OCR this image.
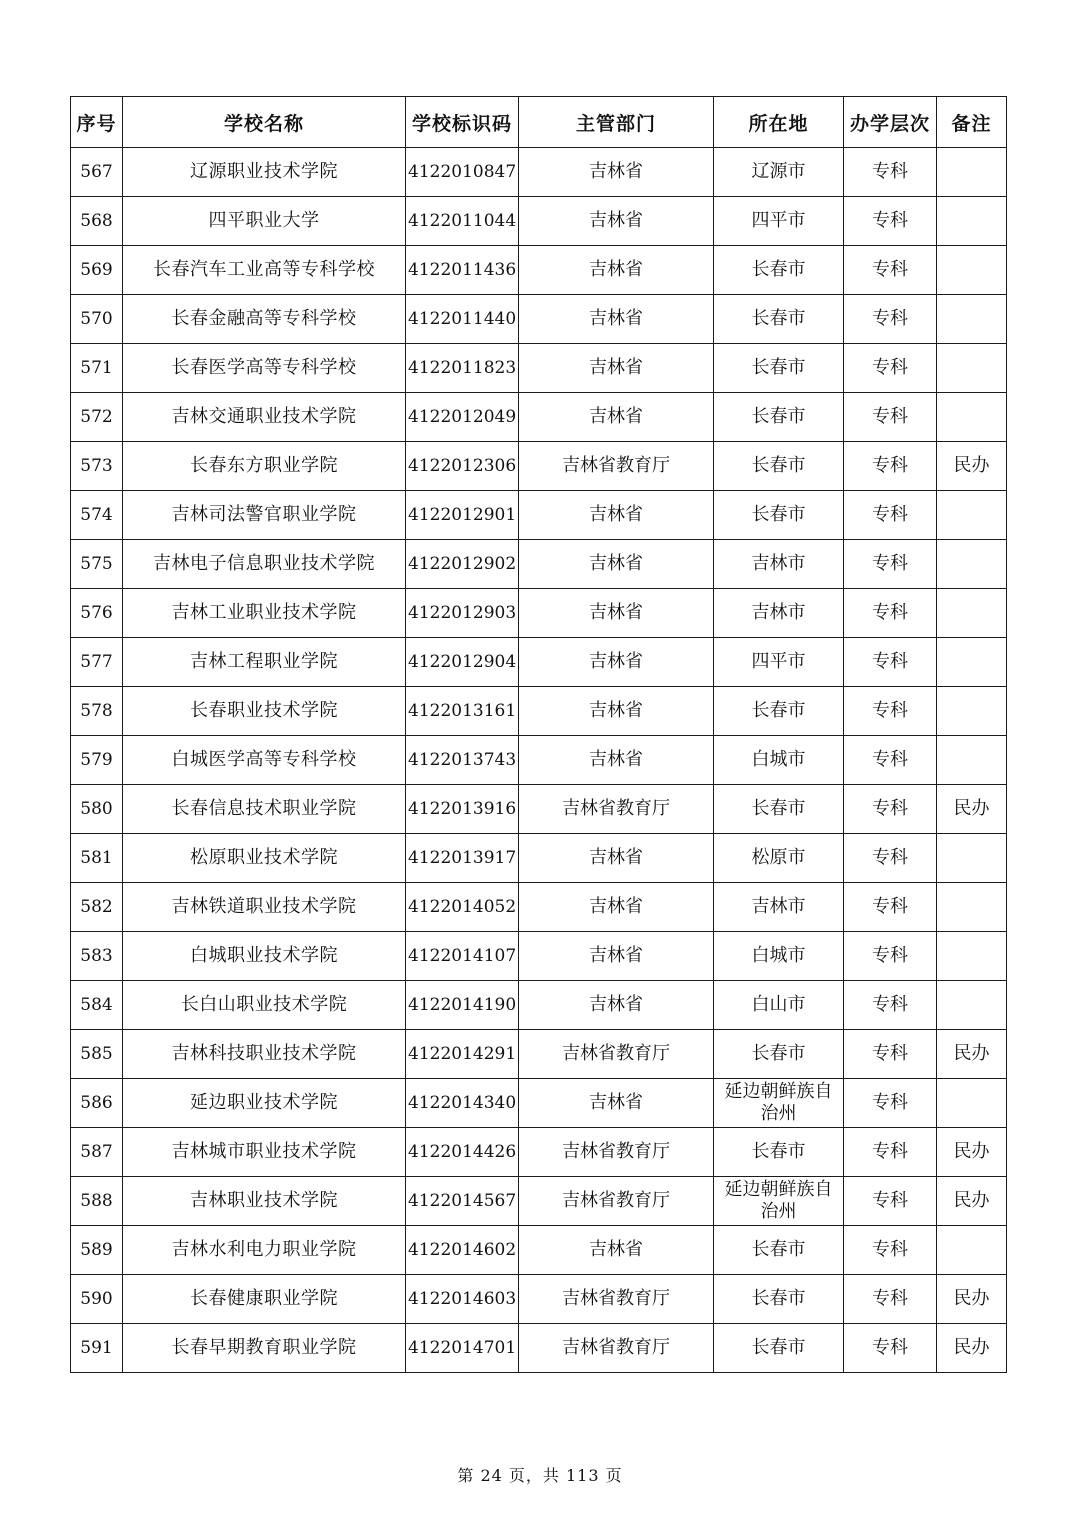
序号	学校名称	学校标识码	主管部门	所在地	办学层次	备注
567	辽源职业技术学院	4122010847	吉林省	辽源市	专科	
568	四平职业大学	4122011044	吉林省	四平市	专科	
569	长春汽车工业高等专科学校	4122011436	吉林省	长春市	专科	
570	长春金融高等专科学校	4122011440	吉林省	长春市	专科	
571	长春医学高等专科学校	4122011823	吉林省	长春市	专科	
572	吉林交通职业技术学院	4122012049	吉林省	长春市	专科	
573	长春东方职业学院	4122012306	吉林省教育厅	长春市	专科	民办
574	吉林司法警官职业学院	4122012901	吉林省	长春市	专科	
575	吉林电子信息职业技术学院	4122012902	吉林省	吉林市	专科	
576	吉林工业职业技术学院	4122012903	吉林省	吉林市	专科	
577	吉林工程职业学院	4122012904	吉林省	四平市	专科	
578	长春职业技术学院	4122013161	吉林省	长春市	专科	
579	白城医学高等专科学校	4122013743	吉林省	白城市	专科	
580	长春信息技术职业学院	4122013916	吉林省教育厅	长春市	专科	民办
581	松原职业技术学院	4122013917	吉林省	松原市	专科	
582	吉林铁道职业技术学院	4122014052	吉林省	吉林市	专科	
583	白城职业技术学院	4122014107	吉林省	白城市	专科	
584	长白山职业技术学院	4122014190	吉林省	白山市	专科	
585	吉林科技职业技术学院	4122014291	吉林省教育厅	长春市	专科	民办
586	延边职业技术学院	4122014340	吉林省	延边朝鲜族自治州	专科	
587	吉林城市职业技术学院	4122014426	吉林省教育厅	长春市	专科	民办
588	吉林职业技术学院	4122014567	吉林省教育厅	延边朝鲜族自治州	专科	民办
589	吉林水利电力职业学院	4122014602	吉林省	长春市	专科	
590	长春健康职业学院	4122014603	吉林省教育厅	长春市	专科	民办
591	长春早期教育职业学院	4122014701	吉林省教育厅	长春市	专科	民办
第 24 页，共 113 页
